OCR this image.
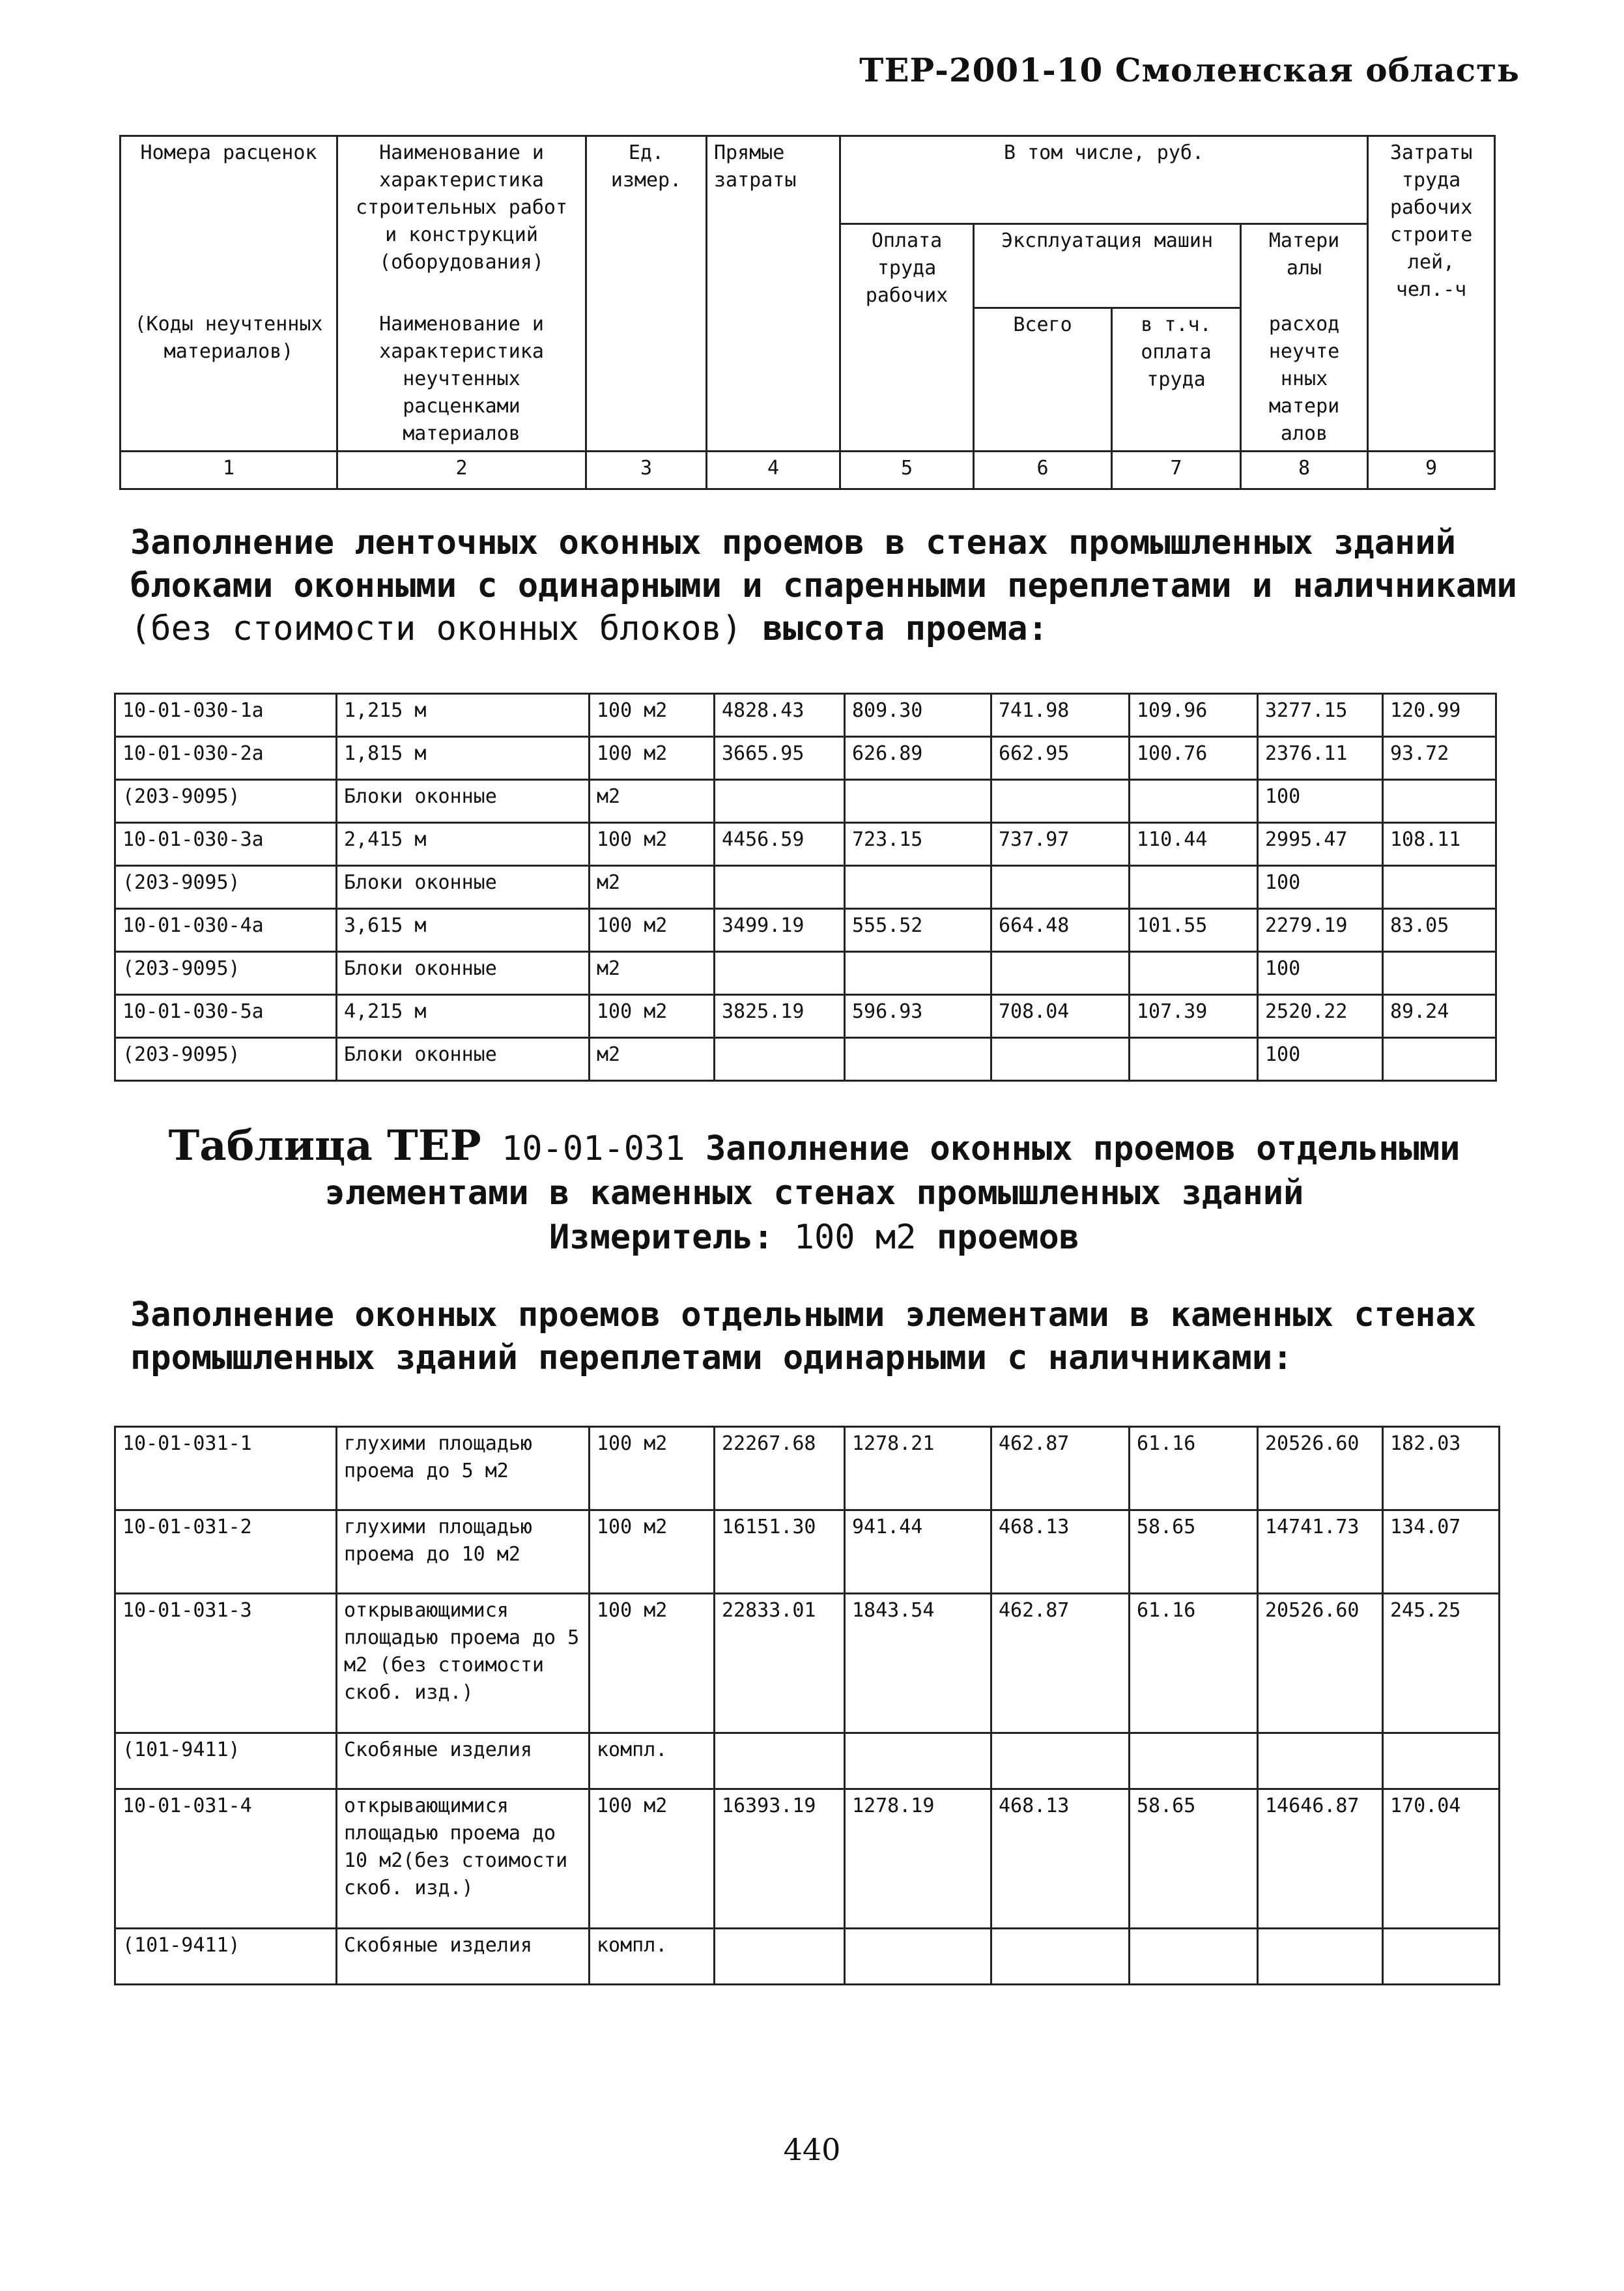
ТЕР-2001-10 Смоленская область
Номера расценок	Наименование и характеристика строительных работ и конструкций (оборудования)	Ед. измер.	Прямые затраты	В том числе, руб.				Затраты труда рабочих строите лей, чел.-ч
				Оплата труда рабочих	Эксплуатация машин		Матери алы	
(Коды неучтенных материалов)	Наименование и характеристика неучтенных расценками материалов				Всего	в т.ч. оплата труда	расход неучте нных матери алов	
1	2	3	4	5	6	7	8	9
Заполнение ленточных оконных проемов в стенах промышленных зданий блоками оконными с одинарными и спаренными переплетами и наличниками (без стоимости оконных блоков) высота проема:
10-01-030-1а	1,215 м	100 м2	4828.43	809.30	741.98	109.96	3277.15	120.99
10-01-030-2а	1,815 м	100 м2	3665.95	626.89	662.95	100.76	2376.11	93.72
(203-9095)	Блоки оконные	м2					100	
10-01-030-3а	2,415 м	100 м2	4456.59	723.15	737.97	110.44	2995.47	108.11
(203-9095)	Блоки оконные	м2					100	
10-01-030-4а	3,615 м	100 м2	3499.19	555.52	664.48	101.55	2279.19	83.05
(203-9095)	Блоки оконные	м2					100	
10-01-030-5а	4,215 м	100 м2	3825.19	596.93	708.04	107.39	2520.22	89.24
(203-9095)	Блоки оконные	м2					100	
Таблица ТЕР 10-01-031 Заполнение оконных проемов отдельными элементами в каменных стенах промышленных зданий
Измеритель: 100 м2 проемов
Заполнение оконных проемов отдельными элементами в каменных стенах промышленных зданий переплетами одинарными с наличниками:
10-01-031-1	глухими площадью проема до 5 м2	100 м2	22267.68	1278.21	462.87	61.16	20526.60	182.03
10-01-031-2	глухими площадью проема до 10 м2	100 м2	16151.30	941.44	468.13	58.65	14741.73	134.07
10-01-031-3	открывающимися площадью проема до 5 м2 (без стоимости скоб. изд.)	100 м2	22833.01	1843.54	462.87	61.16	20526.60	245.25
(101-9411)	Скобяные изделия	компл.						
10-01-031-4	открывающимися площадью проема до 10 м2(без стоимости скоб. изд.)	100 м2	16393.19	1278.19	468.13	58.65	14646.87	170.04
(101-9411)	Скобяные изделия	компл.						
440
